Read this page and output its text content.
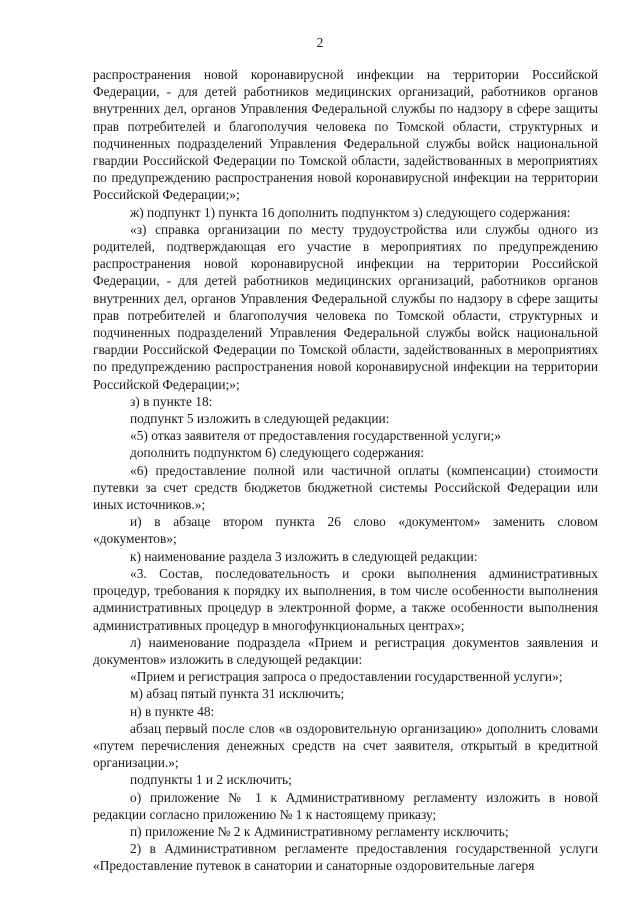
2

распространения новой коронавирусной инфекции на территории Российской Федерации, - для детей работников медицинских организаций, работников органов внутренних дел, органов Управления Федеральной службы по надзору в сфере защиты прав потребителей и благополучия человека по Томской области, структурных и подчиненных подразделений Управления Федеральной службы войск национальной гвардии Российской Федерации по Томской области, задействованных в мероприятиях по предупреждению распространения новой коронавирусной инфекции на территории Российской Федерации;»;

ж) подпункт 1) пункта 16 дополнить подпунктом з) следующего содержания:

«з) справка организации по месту трудоустройства или службы одного из родителей, подтверждающая его участие в мероприятиях по предупреждению распространения новой коронавирусной инфекции на территории Российской Федерации, - для детей работников медицинских организаций, работников органов внутренних дел, органов Управления Федеральной службы по надзору в сфере защиты прав потребителей и благополучия человека по Томской области, структурных и подчиненных подразделений Управления Федеральной службы войск национальной гвардии Российской Федерации по Томской области, задействованных в мероприятиях по предупреждению распространения новой коронавирусной инфекции на территории Российской Федерации;»;

з) в пункте 18:

подпункт 5 изложить в следующей редакции:

«5) отказ заявителя от предоставления государственной услуги;»

дополнить подпунктом 6) следующего содержания:

«6) предоставление полной или частичной оплаты (компенсации) стоимости путевки за счет средств бюджетов бюджетной системы Российской Федерации или иных источников.»;

и) в абзаце втором пункта 26 слово «документом» заменить словом «документов»;

к) наименование раздела 3 изложить в следующей редакции:

«3. Состав, последовательность и сроки выполнения административных процедур, требования к порядку их выполнения, в том числе особенности выполнения административных процедур в электронной форме, а также особенности выполнения административных процедур в многофункциональных центрах»;

л) наименование подраздела «Прием и регистрация документов заявления и документов» изложить в следующей редакции:

«Прием и регистрация запроса о предоставлении государственной услуги»;

м) абзац пятый пункта 31 исключить;

н) в пункте 48:

абзац первый после слов «в оздоровительную организацию» дополнить словами «путем перечисления денежных средств на счет заявителя, открытый в кредитной организации.»;

подпункты 1 и 2 исключить;

о) приложение № 1 к Административному регламенту изложить в новой редакции согласно приложению № 1 к настоящему приказу;

п) приложение № 2 к Административному регламенту исключить;

2) в Административном регламенте предоставления государственной услуги «Предоставление путевок в санатории и санаторные оздоровительные лагеря
